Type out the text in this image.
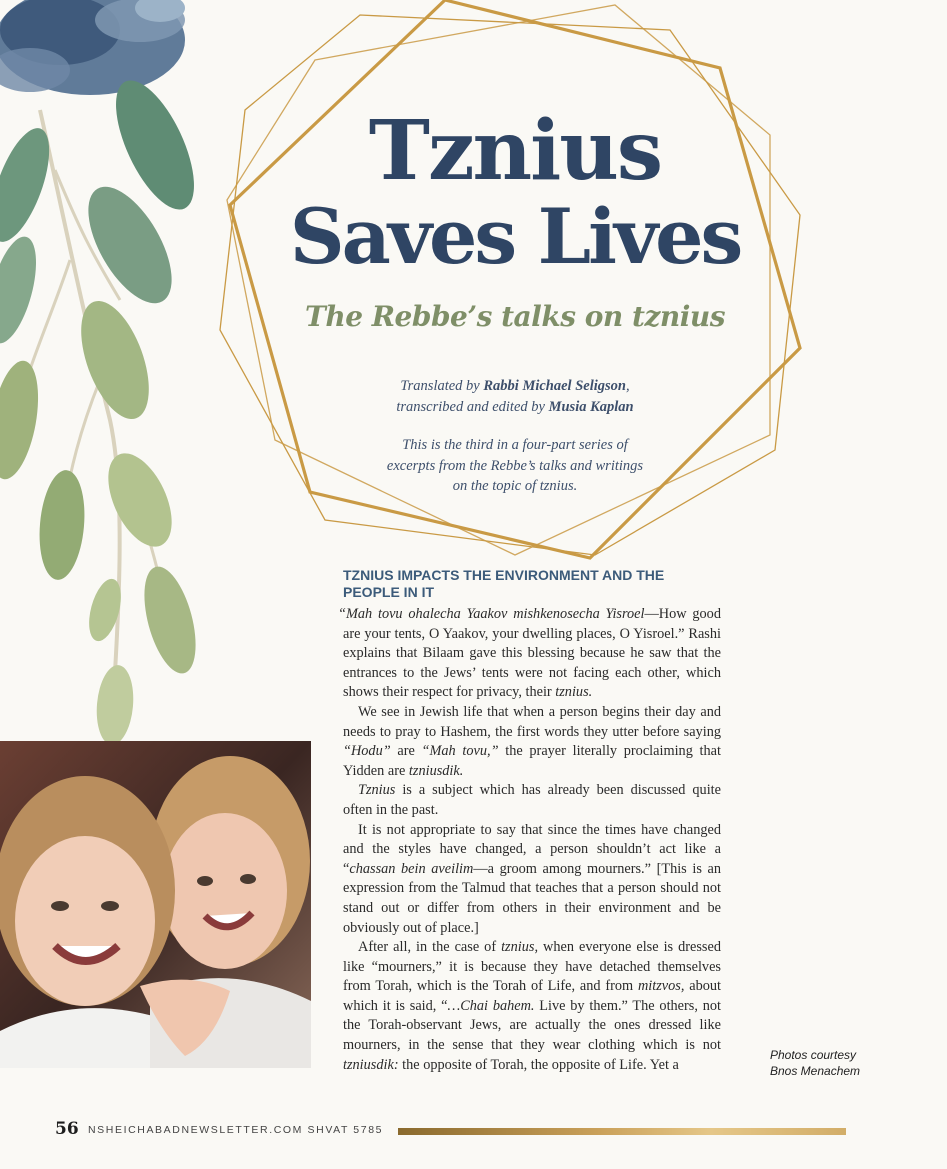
Tznius
Saves Lives
The Rebbe’s talks on tznius
Translated by Rabbi Michael Seligson,
transcribed and edited by Musia Kaplan
This is the third in a four-part series of
excerpts from the Rebbe’s talks and writings
on the topic of tznius.
TZNIUS IMPACTS THE ENVIRONMENT AND THE PEOPLE IN IT

“Mah tovu ohalecha Yaakov mishkenosecha Yisroel—How good are your tents, O Yaakov, your dwelling places, O Yisroel.” Rashi explains that Bilaam gave this blessing because he saw that the entrances to the Jews’ tents were not facing each other, which shows their respect for privacy, their tznius.

We see in Jewish life that when a person begins their day and needs to pray to Hashem, the first words they utter before saying “Hodu” are “Mah tovu,” the prayer literally proclaiming that Yidden are tzniusdik.

Tznius is a subject which has already been discussed quite often in the past.

It is not appropriate to say that since the times have changed and the styles have changed, a person shouldn’t act like a “chassan bein aveilim—a groom among mourners.” [This is an expression from the Talmud that teaches that a person should not stand out or differ from others in their environment and be obviously out of place.]

After all, in the case of tznius, when everyone else is dressed like “mourners,” it is because they have detached themselves from Torah, which is the Torah of Life, and from mitzvos, about which it is said, “…Chai bahem. Live by them.” The others, not the Torah-observant Jews, are actually the ones dressed like mourners, in the sense that they wear clothing which is not tzniusdik: the opposite of Torah, the opposite of Life. Yet a

Photos courtesy
Bnos Menachem
56 NSHEICHABADNEWSLETTER.COM SHVAT 5785
